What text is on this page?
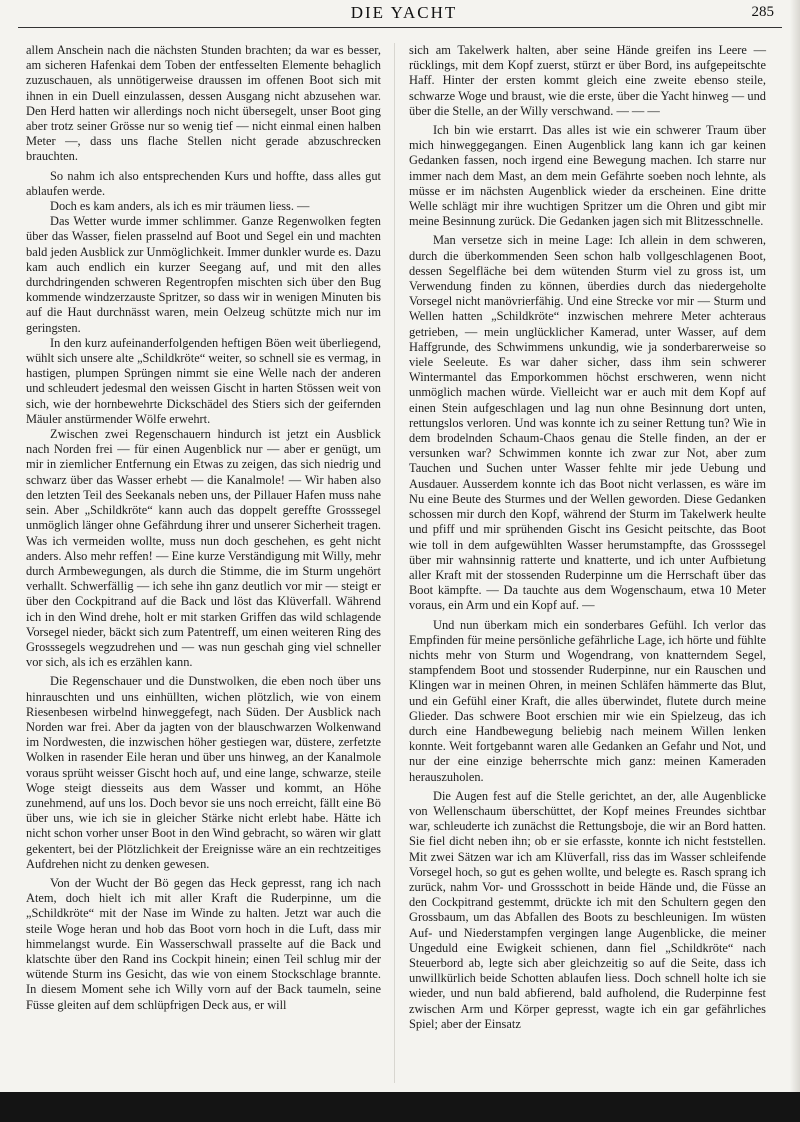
DIE YACHT	285

allem Anschein nach die nächsten Stunden brachten; da war es besser, am sicheren Hafenkai dem Toben der entfesselten Elemente behaglich zuzuschauen, als unnötigerweise draussen im offenen Boot sich mit ihnen in ein Duell einzulassen, dessen Ausgang nicht abzusehen war. Den Herd hatten wir allerdings noch nicht übersegelt, unser Boot ging aber trotz seiner Grösse nur so wenig tief — nicht einmal einen halben Meter —, dass uns flache Stellen nicht gerade abzuschrecken brauchten.

So nahm ich also entsprechenden Kurs und hoffte, dass alles gut ablaufen werde.

Doch es kam anders, als ich es mir träumen liess. —

Das Wetter wurde immer schlimmer. Ganze Regenwolken fegten über das Wasser, fielen prasselnd auf Boot und Segel ein und machten bald jeden Ausblick zur Unmöglichkeit. Immer dunkler wurde es. Dazu kam auch endlich ein kurzer Seegang auf, und mit den alles durchdringenden schweren Regentropfen mischten sich über den Bug kommende windzerzauste Spritzer, so dass wir in wenigen Minuten bis auf die Haut durchnässt waren, mein Oelzeug schützte mich nur im geringsten.

In den kurz aufeinanderfolgenden heftigen Böen weit überliegend, wühlt sich unsere alte „Schildkröte“ weiter, so schnell sie es vermag, in hastigen, plumpen Sprüngen nimmt sie eine Welle nach der anderen und schleudert jedesmal den weissen Gischt in harten Stössen weit von sich, wie der hornbewehrte Dickschädel des Stiers sich der geifernden Mäuler anstürmender Wölfe erwehrt.

Zwischen zwei Regenschauern hindurch ist jetzt ein Ausblick nach Norden frei — für einen Augenblick nur — aber er genügt, um mir in ziemlicher Entfernung ein Etwas zu zeigen, das sich niedrig und schwarz über das Wasser erhebt — die Kanalmole! — Wir haben also den letzten Teil des Seekanals neben uns, der Pillauer Hafen muss nahe sein. Aber „Schildkröte“ kann auch das doppelt gereffte Grosssegel unmöglich länger ohne Gefährdung ihrer und unserer Sicherheit tragen. Was ich vermeiden wollte, muss nun doch geschehen, es geht nicht anders. Also mehr reffen! — Eine kurze Verständigung mit Willy, mehr durch Armbewegungen, als durch die Stimme, die im Sturm ungehört verhallt. Schwerfällig — ich sehe ihn ganz deutlich vor mir — steigt er über den Cockpitrand auf die Back und löst das Klüverfall. Während ich in den Wind drehe, holt er mit starken Griffen das wild schlagende Vorsegel nieder, bäckt sich zum Patentreff, um einen weiteren Ring des Grosssegels wegzudrehen und — was nun geschah ging viel schneller vor sich, als ich es erzählen kann.

Die Regenschauer und die Dunstwolken, die eben noch über uns hinrauschten und uns einhüllten, wichen plötzlich, wie von einem Riesenbesen wirbelnd hinweggefegt, nach Süden. Der Ausblick nach Norden war frei. Aber da jagten von der blauschwarzen Wolkenwand im Nordwesten, die inzwischen höher gestiegen war, düstere, zerfetzte Wolken in rasender Eile heran und über uns hinweg, an der Kanalmole voraus sprüht weisser Gischt hoch auf, und eine lange, schwarze, steile Woge steigt diesseits aus dem Wasser und kommt, an Höhe zunehmend, auf uns los. Doch bevor sie uns noch erreicht, fällt eine Bö über uns, wie ich sie in gleicher Stärke nicht erlebt habe. Hätte ich nicht schon vorher unser Boot in den Wind gebracht, so wären wir glatt gekentert, bei der Plötzlichkeit der Ereignisse wäre an ein rechtzeitiges Aufdrehen nicht zu denken gewesen.

Von der Wucht der Bö gegen das Heck gepresst, rang ich nach Atem, doch hielt ich mit aller Kraft die Ruderpinne, um die „Schildkröte“ mit der Nase im Winde zu halten. Jetzt war auch die steile Woge heran und hob das Boot vorn hoch in die Luft, dass mir himmelangst wurde. Ein Wasserschwall prasselte auf die Back und klatschte über den Rand ins Cockpit hinein; einen Teil schlug mir der wütende Sturm ins Gesicht, das wie von einem Stockschlage brannte. In diesem Moment sehe ich Willy vorn auf der Back taumeln, seine Füsse gleiten auf dem schlüpfrigen Deck aus, er will

sich am Takelwerk halten, aber seine Hände greifen ins Leere — rücklings, mit dem Kopf zuerst, stürzt er über Bord, ins aufgepeitschte Haff. Hinter der ersten kommt gleich eine zweite ebenso steile, schwarze Woge und braust, wie die erste, über die Yacht hinweg — und über die Stelle, an der Willy verschwand. — — —

Ich bin wie erstarrt. Das alles ist wie ein schwerer Traum über mich hinweggegangen. Einen Augenblick lang kann ich gar keinen Gedanken fassen, noch irgend eine Bewegung machen. Ich starre nur immer nach dem Mast, an dem mein Gefährte soeben noch lehnte, als müsse er im nächsten Augenblick wieder da erscheinen. Eine dritte Welle schlägt mir ihre wuchtigen Spritzer um die Ohren und gibt mir meine Besinnung zurück. Die Gedanken jagen sich mit Blitzesschnelle.

Man versetze sich in meine Lage: Ich allein in dem schweren, durch die überkommenden Seen schon halb vollgeschlagenen Boot, dessen Segelfläche bei dem wütenden Sturm viel zu gross ist, um Verwendung finden zu können, überdies durch das niedergeholte Vorsegel nicht manövrierfähig. Und eine Strecke vor mir — Sturm und Wellen hatten „Schildkröte“ inzwischen mehrere Meter achteraus getrieben, — mein unglücklicher Kamerad, unter Wasser, auf dem Haffgrunde, des Schwimmens unkundig, wie ja sonderbarerweise so viele Seeleute. Es war daher sicher, dass ihm sein schwerer Wintermantel das Emporkommen höchst erschweren, wenn nicht unmöglich machen würde. Vielleicht war er auch mit dem Kopf auf einen Stein aufgeschlagen und lag nun ohne Besinnung dort unten, rettungslos verloren. Und was konnte ich zu seiner Rettung tun? Wie in dem brodelnden Schaum-Chaos genau die Stelle finden, an der er versunken war? Schwimmen konnte ich zwar zur Not, aber zum Tauchen und Suchen unter Wasser fehlte mir jede Uebung und Ausdauer. Ausserdem konnte ich das Boot nicht verlassen, es wäre im Nu eine Beute des Sturmes und der Wellen geworden. Diese Gedanken schossen mir durch den Kopf, während der Sturm im Takelwerk heulte und pfiff und mir sprühenden Gischt ins Gesicht peitschte, das Boot wie toll in dem aufgewühlten Wasser herumstampfte, das Grosssegel über mir wahnsinnig ratterte und knatterte, und ich unter Aufbietung aller Kraft mit der stossenden Ruderpinne um die Herrschaft über das Boot kämpfte. — Da tauchte aus dem Wogenschaum, etwa 10 Meter voraus, ein Arm und ein Kopf auf. —

Und nun überkam mich ein sonderbares Gefühl. Ich verlor das Empfinden für meine persönliche gefährliche Lage, ich hörte und fühlte nichts mehr von Sturm und Wogendrang, von knatterndem Segel, stampfendem Boot und stossender Ruderpinne, nur ein Rauschen und Klingen war in meinen Ohren, in meinen Schläfen hämmerte das Blut, und ein Gefühl einer Kraft, die alles überwindet, flutete durch meine Glieder. Das schwere Boot erschien mir wie ein Spielzeug, das ich durch eine Handbewegung beliebig nach meinem Willen lenken konnte. Weit fortgebannt waren alle Gedanken an Gefahr und Not, und nur der eine einzige beherrschte mich ganz: meinen Kameraden herauszuholen.

Die Augen fest auf die Stelle gerichtet, an der, alle Augenblicke von Wellenschaum überschüttet, der Kopf meines Freundes sichtbar war, schleuderte ich zunächst die Rettungsboje, die wir an Bord hatten. Sie fiel dicht neben ihn; ob er sie erfasste, konnte ich nicht feststellen. Mit zwei Sätzen war ich am Klüverfall, riss das im Wasser schleifende Vorsegel hoch, so gut es gehen wollte, und belegte es. Rasch sprang ich zurück, nahm Vor- und Grossschott in beide Hände und, die Füsse an den Cockpitrand gestemmt, drückte ich mit den Schultern gegen den Grossbaum, um das Abfallen des Boots zu beschleunigen. Im wüsten Auf- und Niederstampfen vergingen lange Augenblicke, die meiner Ungeduld eine Ewigkeit schienen, dann fiel „Schildkröte“ nach Steuerbord ab, legte sich aber gleichzeitig so auf die Seite, dass ich unwillkürlich beide Schotten ablaufen liess. Doch schnell holte ich sie wieder, und nun bald abfierend, bald aufholend, die Ruderpinne fest zwischen Arm und Körper gepresst, wagte ich ein gar gefährliches Spiel; aber der Einsatz
